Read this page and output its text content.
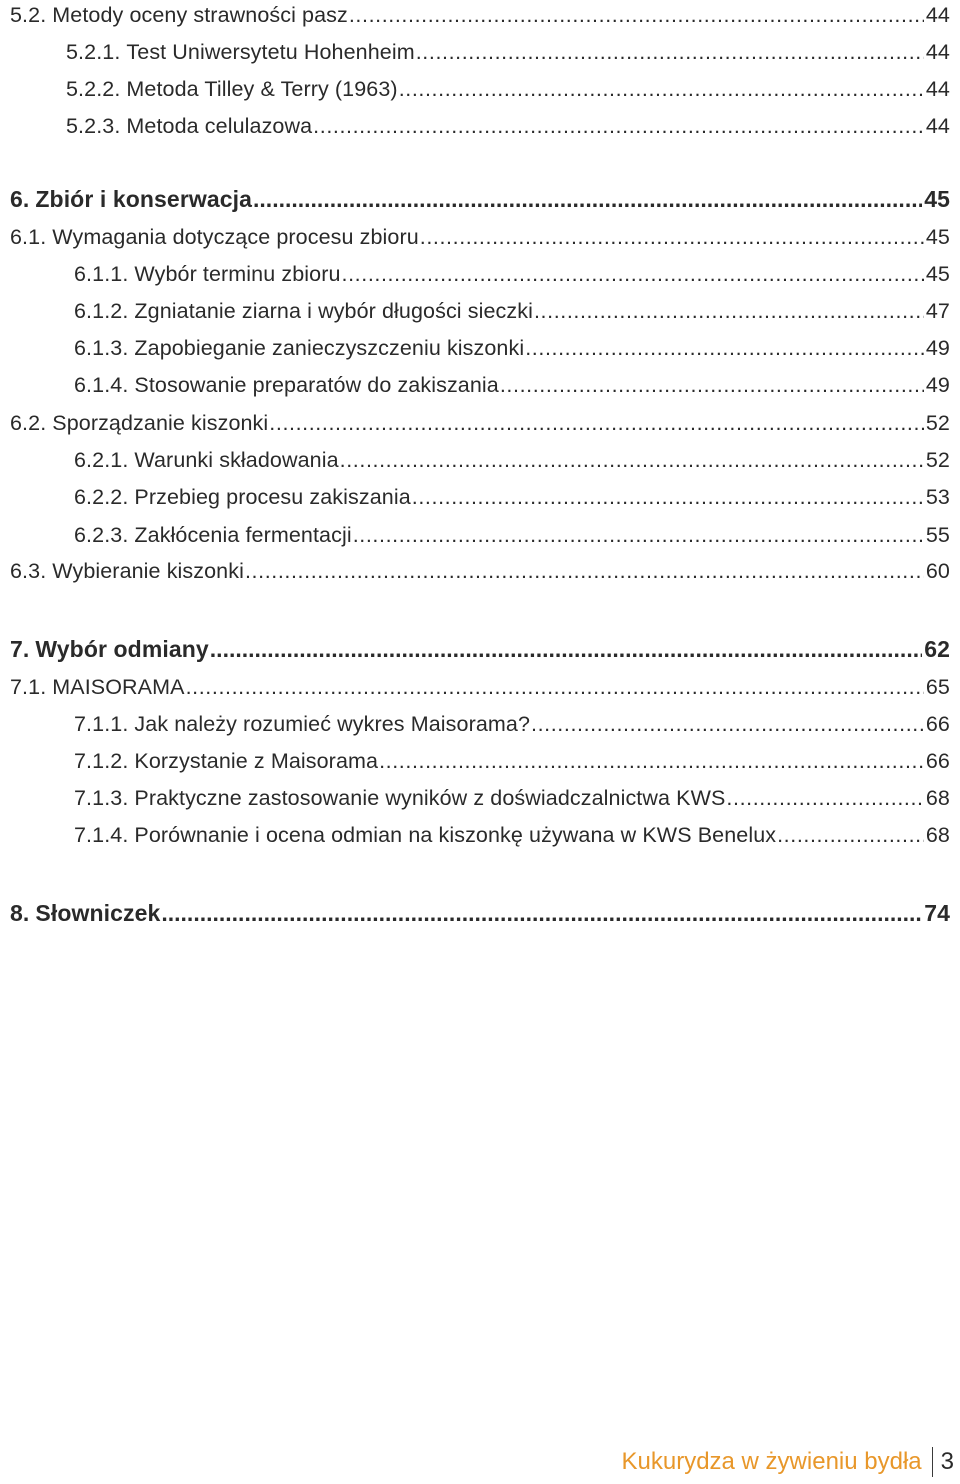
5.2. Metody oceny strawności pasz .....	44
5.2.1. Test Uniwersytetu Hohenheim .....	44
5.2.2. Metoda Tilley & Terry (1963) .....	44
5.2.3. Metoda celulazowa .....	44
6. Zbiór i konserwacja .....	45
6.1. Wymagania dotyczące procesu zbioru .....	45
6.1.1. Wybór terminu zbioru .....	45
6.1.2. Zgniatanie ziarna i wybór długości sieczki .....	47
6.1.3. Zapobieganie zanieczyszczeniu kiszonki .....	49
6.1.4. Stosowanie preparatów do zakiszania .....	49
6.2. Sporządzanie kiszonki .....	52
6.2.1. Warunki składowania .....	52
6.2.2. Przebieg procesu zakiszania .....	53
6.2.3. Zakłócenia fermentacji .....	55
6.3. Wybieranie kiszonki .....	60
7. Wybór odmiany .....	62
7.1. MAISORAMA .....	65
7.1.1. Jak należy rozumieć wykres Maisorama? .....	66
7.1.2. Korzystanie z Maisorama .....	66
7.1.3. Praktyczne zastosowanie wyników z doświadczalnictwa KWS .....	68
7.1.4. Porównanie i ocena odmian na kiszonkę używana w KWS Benelux .....	68
8. Słowniczek .....	74
Kukurydza w żywieniu bydła 3
